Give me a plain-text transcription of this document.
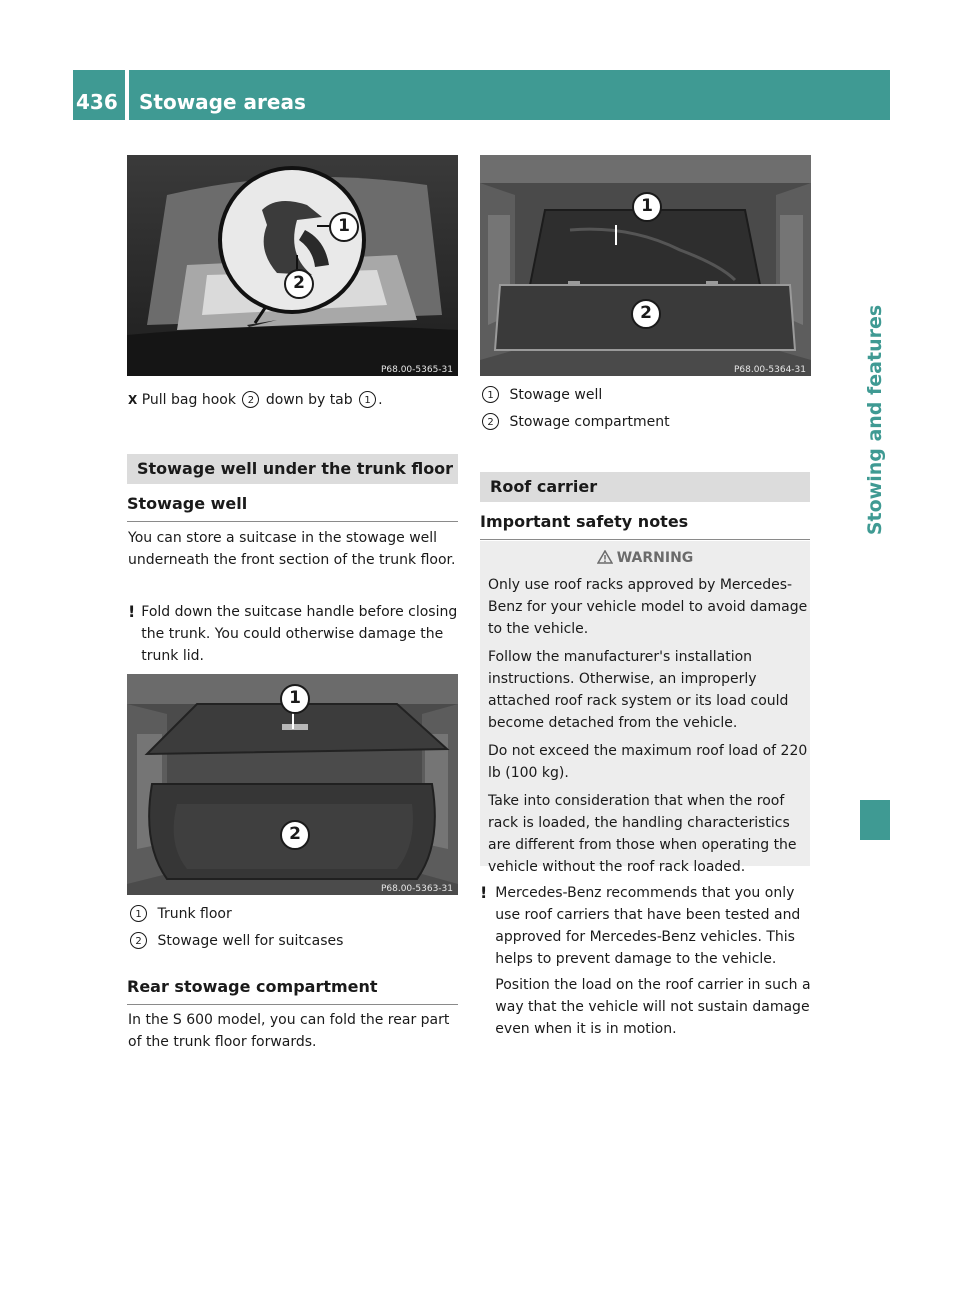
436	Stowage areas
Stowing and features
P68.00-5365-31
1
2
X Pull bag hook 2 down by tab 1 .
Stowage well under the trunk floor
Stowage well
You can store a suitcase in the stowage well underneath the front section of the trunk floor.
! Fold down the suitcase handle before closing the trunk. You could otherwise damage the trunk lid.
P68.00-5363-31
1
2
1 Trunk floor
2 Stowage well for suitcases
Rear stowage compartment
In the S 600 model, you can fold the rear part of the trunk floor forwards.
P68.00-5364-31
1
2
1 Stowage well
2 Stowage compartment
Roof carrier
Important safety notes
WARNING

Only use roof racks approved by Mercedes-Benz for your vehicle model to avoid damage to the vehicle.

Follow the manufacturer's installation instructions. Otherwise, an improperly attached roof rack system or its load could become detached from the vehicle.

Do not exceed the maximum roof load of 220 lb (100 kg).

Take into consideration that when the roof rack is loaded, the handling characteristics are different from those when operating the vehicle without the roof rack loaded.

! Mercedes-Benz recommends that you only use roof carriers that have been tested and approved for Mercedes-Benz vehicles. This helps to prevent damage to the vehicle.
Position the load on the roof carrier in such a way that the vehicle will not sustain damage even when it is in motion.
